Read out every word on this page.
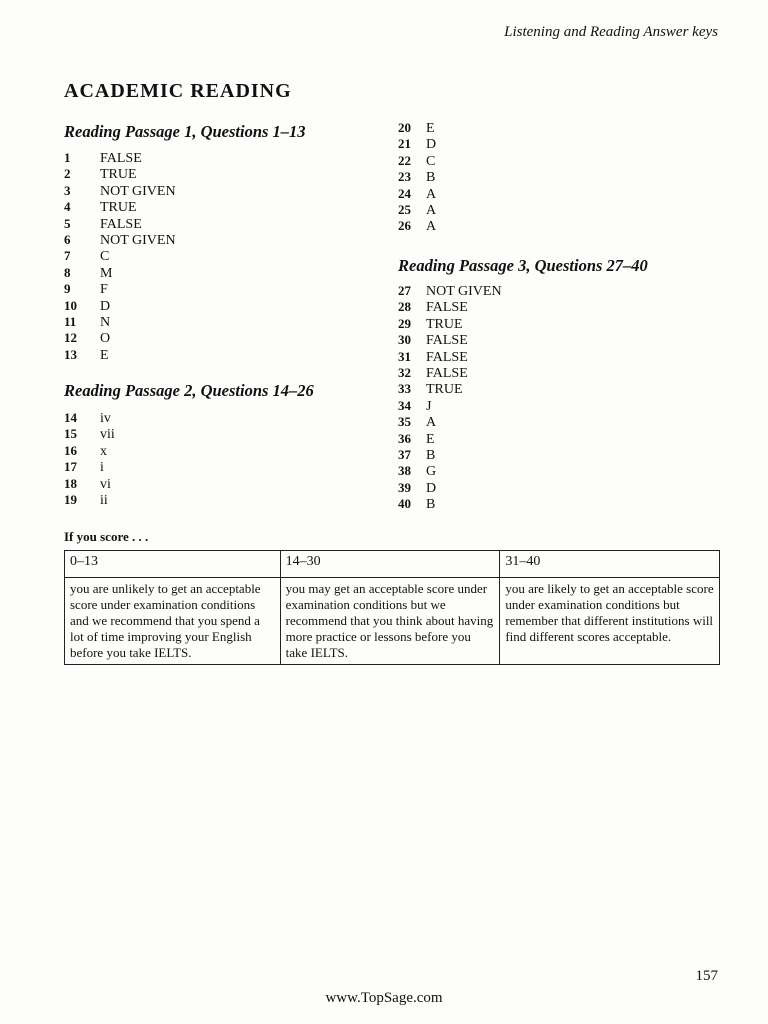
Listening and Reading Answer keys
ACADEMIC READING
Reading Passage 1, Questions 1–13
1 FALSE
2 TRUE
3 NOT GIVEN
4 TRUE
5 FALSE
6 NOT GIVEN
7 C
8 M
9 F
10 D
11 N
12 O
13 E
Reading Passage 2, Questions 14–26
14 iv
15 vii
16 x
17 i
18 vi
19 ii
20 E
21 D
22 C
23 B
24 A
25 A
26 A
Reading Passage 3, Questions 27–40
27 NOT GIVEN
28 FALSE
29 TRUE
30 FALSE
31 FALSE
32 FALSE
33 TRUE
34 J
35 A
36 E
37 B
38 G
39 D
40 B
If you score . . .
0–13	14–30	31–40
you are unlikely to get an acceptable score under examination conditions and we recommend that you spend a lot of time improving your English before you take IELTS.	you may get an acceptable score under examination conditions but we recommend that you think about having more practice or lessons before you take IELTS.	you are likely to get an acceptable score under examination conditions but remember that different institutions will find different scores acceptable.
157
www.TopSage.com
